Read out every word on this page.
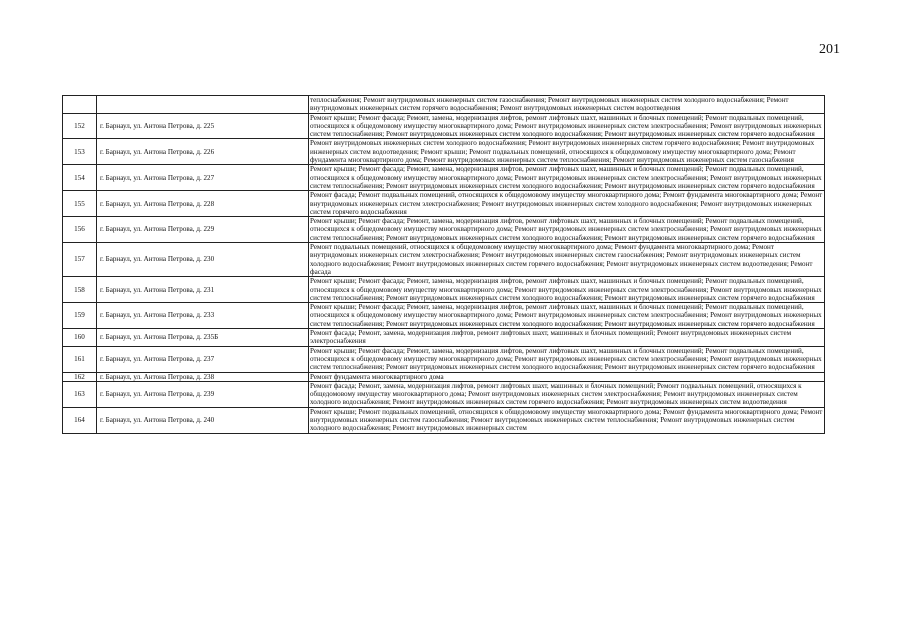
201
		теплоснабжения; Ремонт внутридомовых инженерных систем газоснабжения; Ремонт внутридомовых инженерных систем холодного водоснабжения; Ремонт внутридомовых инженерных систем горячего водоснабжения; Ремонт внутридомовых инженерных систем водоотведения
152	г. Барнаул, ул. Антона Петрова, д. 225	Ремонт крыши; Ремонт фасада; Ремонт, замена, модернизация лифтов, ремонт лифтовых шахт, машинных и блочных помещений; Ремонт подвальных помещений, относящихся к общедомовому имуществу многоквартирного дома; Ремонт внутридомовых инженерных систем электроснабжения; Ремонт внутридомовых инженерных систем теплоснабжения; Ремонт внутридомовых инженерных систем холодного водоснабжения; Ремонт внутридомовых инженерных систем горячего водоснабжения
153	г. Барнаул, ул. Антона Петрова, д. 226	Ремонт внутридомовых инженерных систем холодного водоснабжения; Ремонт внутридомовых инженерных систем горячего водоснабжения; Ремонт внутридомовых инженерных систем водоотведения; Ремонт крыши; Ремонт подвальных помещений, относящихся к общедомовому имуществу многоквартирного дома; Ремонт фундамента многоквартирного дома; Ремонт внутридомовых инженерных систем теплоснабжения; Ремонт внутридомовых инженерных систем газоснабжения
154	г. Барнаул, ул. Антона Петрова, д. 227	Ремонт крыши; Ремонт фасада; Ремонт, замена, модернизация лифтов, ремонт лифтовых шахт, машинных и блочных помещений; Ремонт подвальных помещений, относящихся к общедомовому имуществу многоквартирного дома; Ремонт внутридомовых инженерных систем электроснабжения; Ремонт внутридомовых инженерных систем теплоснабжения; Ремонт внутридомовых инженерных систем холодного водоснабжения; Ремонт внутридомовых инженерных систем горячего водоснабжения
155	г. Барнаул, ул. Антона Петрова, д. 228	Ремонт фасада; Ремонт подвальных помещений, относящихся к общедомовому имуществу многоквартирного дома; Ремонт фундамента многоквартирного дома; Ремонт внутридомовых инженерных систем электроснабжения; Ремонт внутридомовых инженерных систем холодного водоснабжения; Ремонт внутридомовых инженерных систем горячего водоснабжения
156	г. Барнаул, ул. Антона Петрова, д. 229	Ремонт крыши; Ремонт фасада; Ремонт, замена, модернизация лифтов, ремонт лифтовых шахт, машинных и блочных помещений; Ремонт подвальных помещений, относящихся к общедомовому имуществу многоквартирного дома; Ремонт внутридомовых инженерных систем электроснабжения; Ремонт внутридомовых инженерных систем теплоснабжения; Ремонт внутридомовых инженерных систем холодного водоснабжения; Ремонт внутридомовых инженерных систем горячего водоснабжения
157	г. Барнаул, ул. Антона Петрова, д. 230	Ремонт подвальных помещений, относящихся к общедомовому имуществу многоквартирного дома; Ремонт фундамента многоквартирного дома; Ремонт внутридомовых инженерных систем электроснабжения; Ремонт внутридомовых инженерных систем газоснабжения; Ремонт внутридомовых инженерных систем холодного водоснабжения; Ремонт внутридомовых инженерных систем горячего водоснабжения; Ремонт внутридомовых инженерных систем водоотведения; Ремонт фасада
158	г. Барнаул, ул. Антона Петрова, д. 231	Ремонт крыши; Ремонт фасада; Ремонт, замена, модернизация лифтов, ремонт лифтовых шахт, машинных и блочных помещений; Ремонт подвальных помещений, относящихся к общедомовому имуществу многоквартирного дома; Ремонт внутридомовых инженерных систем электроснабжения; Ремонт внутридомовых инженерных систем теплоснабжения; Ремонт внутридомовых инженерных систем холодного водоснабжения; Ремонт внутридомовых инженерных систем горячего водоснабжения
159	г. Барнаул, ул. Антона Петрова, д. 233	Ремонт крыши; Ремонт фасада; Ремонт, замена, модернизация лифтов, ремонт лифтовых шахт, машинных и блочных помещений; Ремонт подвальных помещений, относящихся к общедомовому имуществу многоквартирного дома; Ремонт внутридомовых инженерных систем электроснабжения; Ремонт внутридомовых инженерных систем теплоснабжения; Ремонт внутридомовых инженерных систем холодного водоснабжения; Ремонт внутридомовых инженерных систем горячего водоснабжения
160	г. Барнаул, ул. Антона Петрова, д. 235Б	Ремонт фасада; Ремонт, замена, модернизация лифтов, ремонт лифтовых шахт, машинных и блочных помещений; Ремонт внутридомовых инженерных систем электроснабжения
161	г. Барнаул, ул. Антона Петрова, д. 237	Ремонт крыши; Ремонт фасада; Ремонт, замена, модернизация лифтов, ремонт лифтовых шахт, машинных и блочных помещений; Ремонт подвальных помещений, относящихся к общедомовому имуществу многоквартирного дома; Ремонт внутридомовых инженерных систем электроснабжения; Ремонт внутридомовых инженерных систем теплоснабжения; Ремонт внутридомовых инженерных систем холодного водоснабжения; Ремонт внутридомовых инженерных систем горячего водоснабжения
162	г. Барнаул, ул. Антона Петрова, д. 238	Ремонт фундамента многоквартирного дома
163	г. Барнаул, ул. Антона Петрова, д. 239	Ремонт фасада; Ремонт, замена, модернизация лифтов, ремонт лифтовых шахт, машинных и блочных помещений; Ремонт подвальных помещений, относящихся к общедомовому имуществу многоквартирного дома; Ремонт внутридомовых инженерных систем электроснабжения; Ремонт внутридомовых инженерных систем холодного водоснабжения; Ремонт внутридомовых инженерных систем горячего водоснабжения; Ремонт внутридомовых инженерных систем водоотведения
164	г. Барнаул, ул. Антона Петрова, д. 240	Ремонт крыши; Ремонт подвальных помещений, относящихся к общедомовому имуществу многоквартирного дома; Ремонт фундамента многоквартирного дома; Ремонт внутридомовых инженерных систем газоснабжения; Ремонт внутридомовых инженерных систем теплоснабжения; Ремонт внутридомовых инженерных систем холодного водоснабжения; Ремонт внутридомовых инженерных систем
